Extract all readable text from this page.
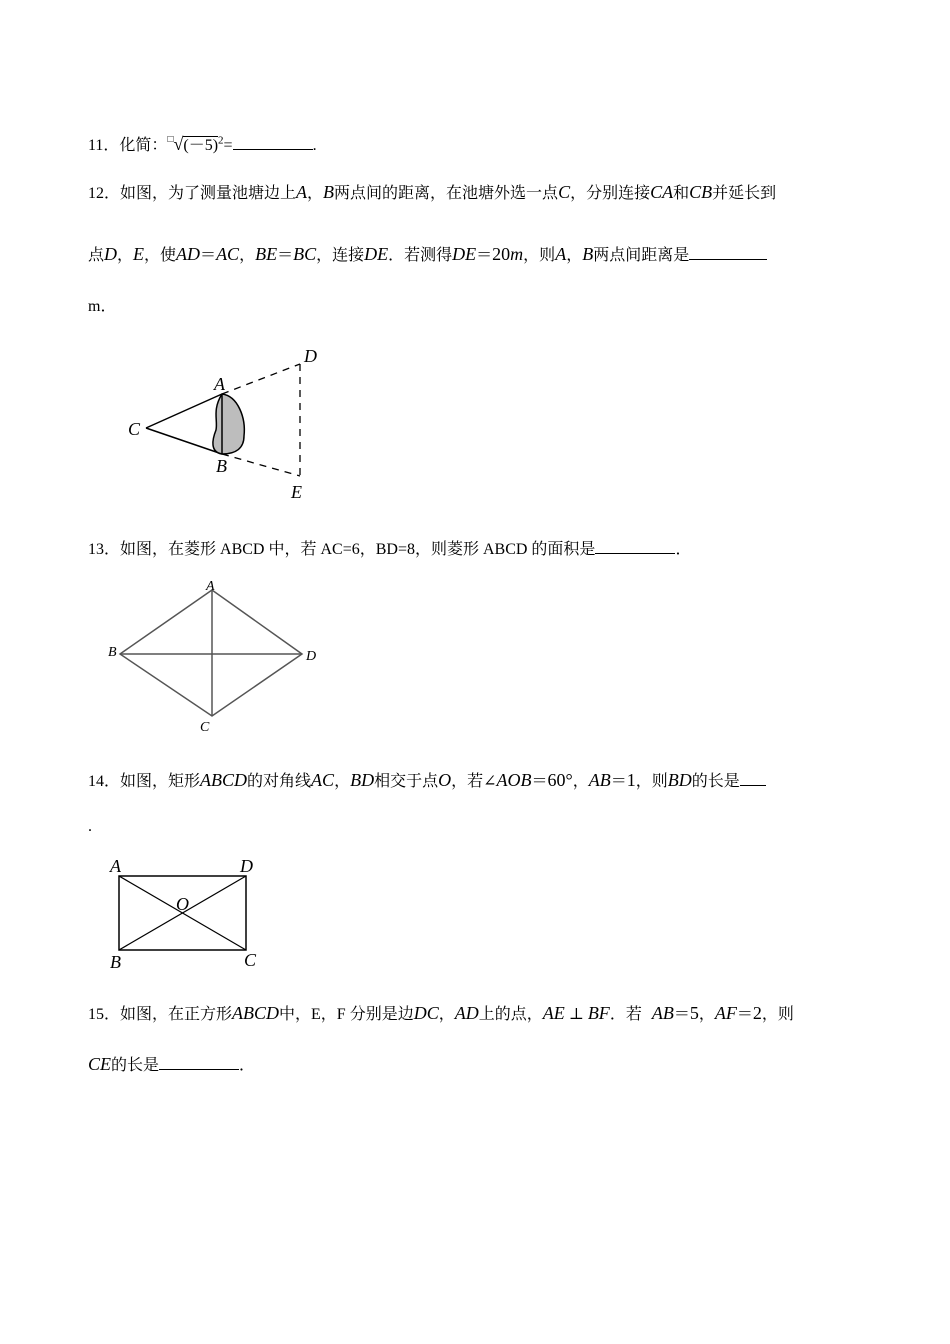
11．化简：$^□√(-5)^2=$	.
12．如图，为了测量池塘边上A，B两点间的距离，在池塘外选一点C，分别连接CA和CB并延长到
点D，E，使AD＝AC，BE＝BC，连接DE．若测得DE＝20m，则A，B两点间距离是
m．
A
B
C
D
E
13．如图，在菱形 ABCD 中，若 AC=6，BD=8，则菱形 ABCD 的面积是	．
A
B
C
D
14．如图，矩形ABCD的对角线AC，BD相交于点O，若∠AOB＝60°，AB＝1，则BD的长是
.
A	D
O
B	C
15．如图，在正方形ABCD中，E，F 分别是边DC，AD上的点，AE ⊥ BF．若 AB＝5，AF＝2，则
CE的长是	．
